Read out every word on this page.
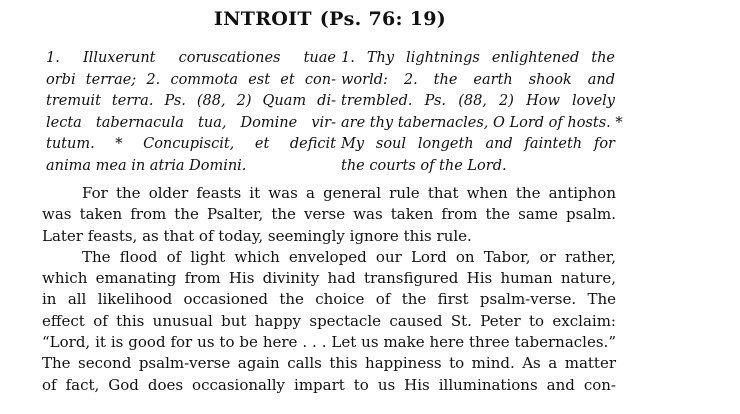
INTROIT (Ps. 76: 19)
1. Illuxerunt coruscationes tuae
orbi terrae; 2. commota est et con-
tremuit terra. Ps. (88, 2) Quam di-
lecta tabernacula tua, Domine vir-
tutum. * Concupiscit, et deficit
anima mea in atria Domini.
1. Thy lightnings enlightened the
world: 2. the earth shook and
trembled. Ps. (88, 2) How lovely
are thy tabernacles, O Lord of hosts. *
My soul longeth and fainteth for
the courts of the Lord.
For the older feasts it was a general rule that when the antiphon
was taken from the Psalter, the verse was taken from the same psalm.
Later feasts, as that of today, seemingly ignore this rule.
The flood of light which enveloped our Lord on Tabor, or rather,
which emanating from His divinity had transfigured His human nature,
in all likelihood occasioned the choice of the first psalm-verse. The
effect of this unusual but happy spectacle caused St. Peter to exclaim:
“Lord, it is good for us to be here . . . Let us make here three tabernacles.”
The second psalm-verse again calls this happiness to mind. As a matter
of fact, God does occasionally impart to us His illuminations and con-
